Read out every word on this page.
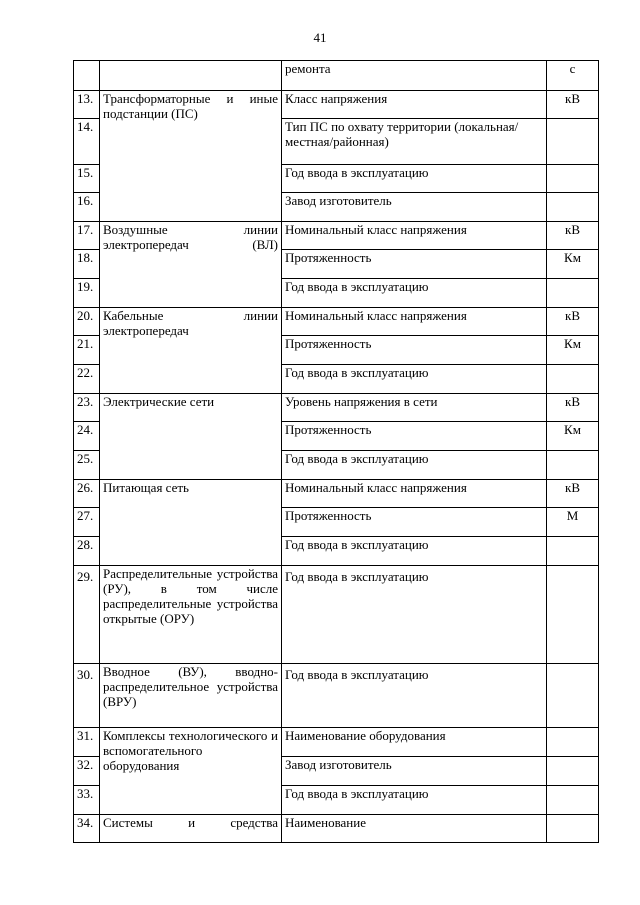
41
		ремонта	с
13.	Трансформаторные и иные подстанции (ПС)	Класс напряжения	кВ
14.		Тип ПС по охвату территории (локальная/местная/районная)	
15.		Год ввода в эксплуатацию	
16.		Завод изготовитель	
17.	Воздушные линии электропередач (ВЛ)	Номинальный класс напряжения	кВ
18.		Протяженность	Км
19.		Год ввода в эксплуатацию	
20.	Кабельные линии электропередач	Номинальный класс напряжения	кВ
21.		Протяженность	Км
22.		Год ввода в эксплуатацию	
23.	Электрические сети	Уровень напряжения в сети	кВ
24.		Протяженность	Км
25.		Год ввода в эксплуатацию	
26.	Питающая сеть	Номинальный класс напряжения	кВ
27.		Протяженность	М
28.		Год ввода в эксплуатацию	
29.	Распределительные устройства (РУ), в том числе распределительные устройства открытые (ОРУ)	Год ввода в эксплуатацию	
30.	Вводное (ВУ), вводно-распределительное устройства (ВРУ)	Год ввода в эксплуатацию	
31.	Комплексы технологического и вспомогательного оборудования	Наименование оборудования	
32.		Завод изготовитель	
33.		Год ввода в эксплуатацию	
34.	Системы и средства	Наименование	
